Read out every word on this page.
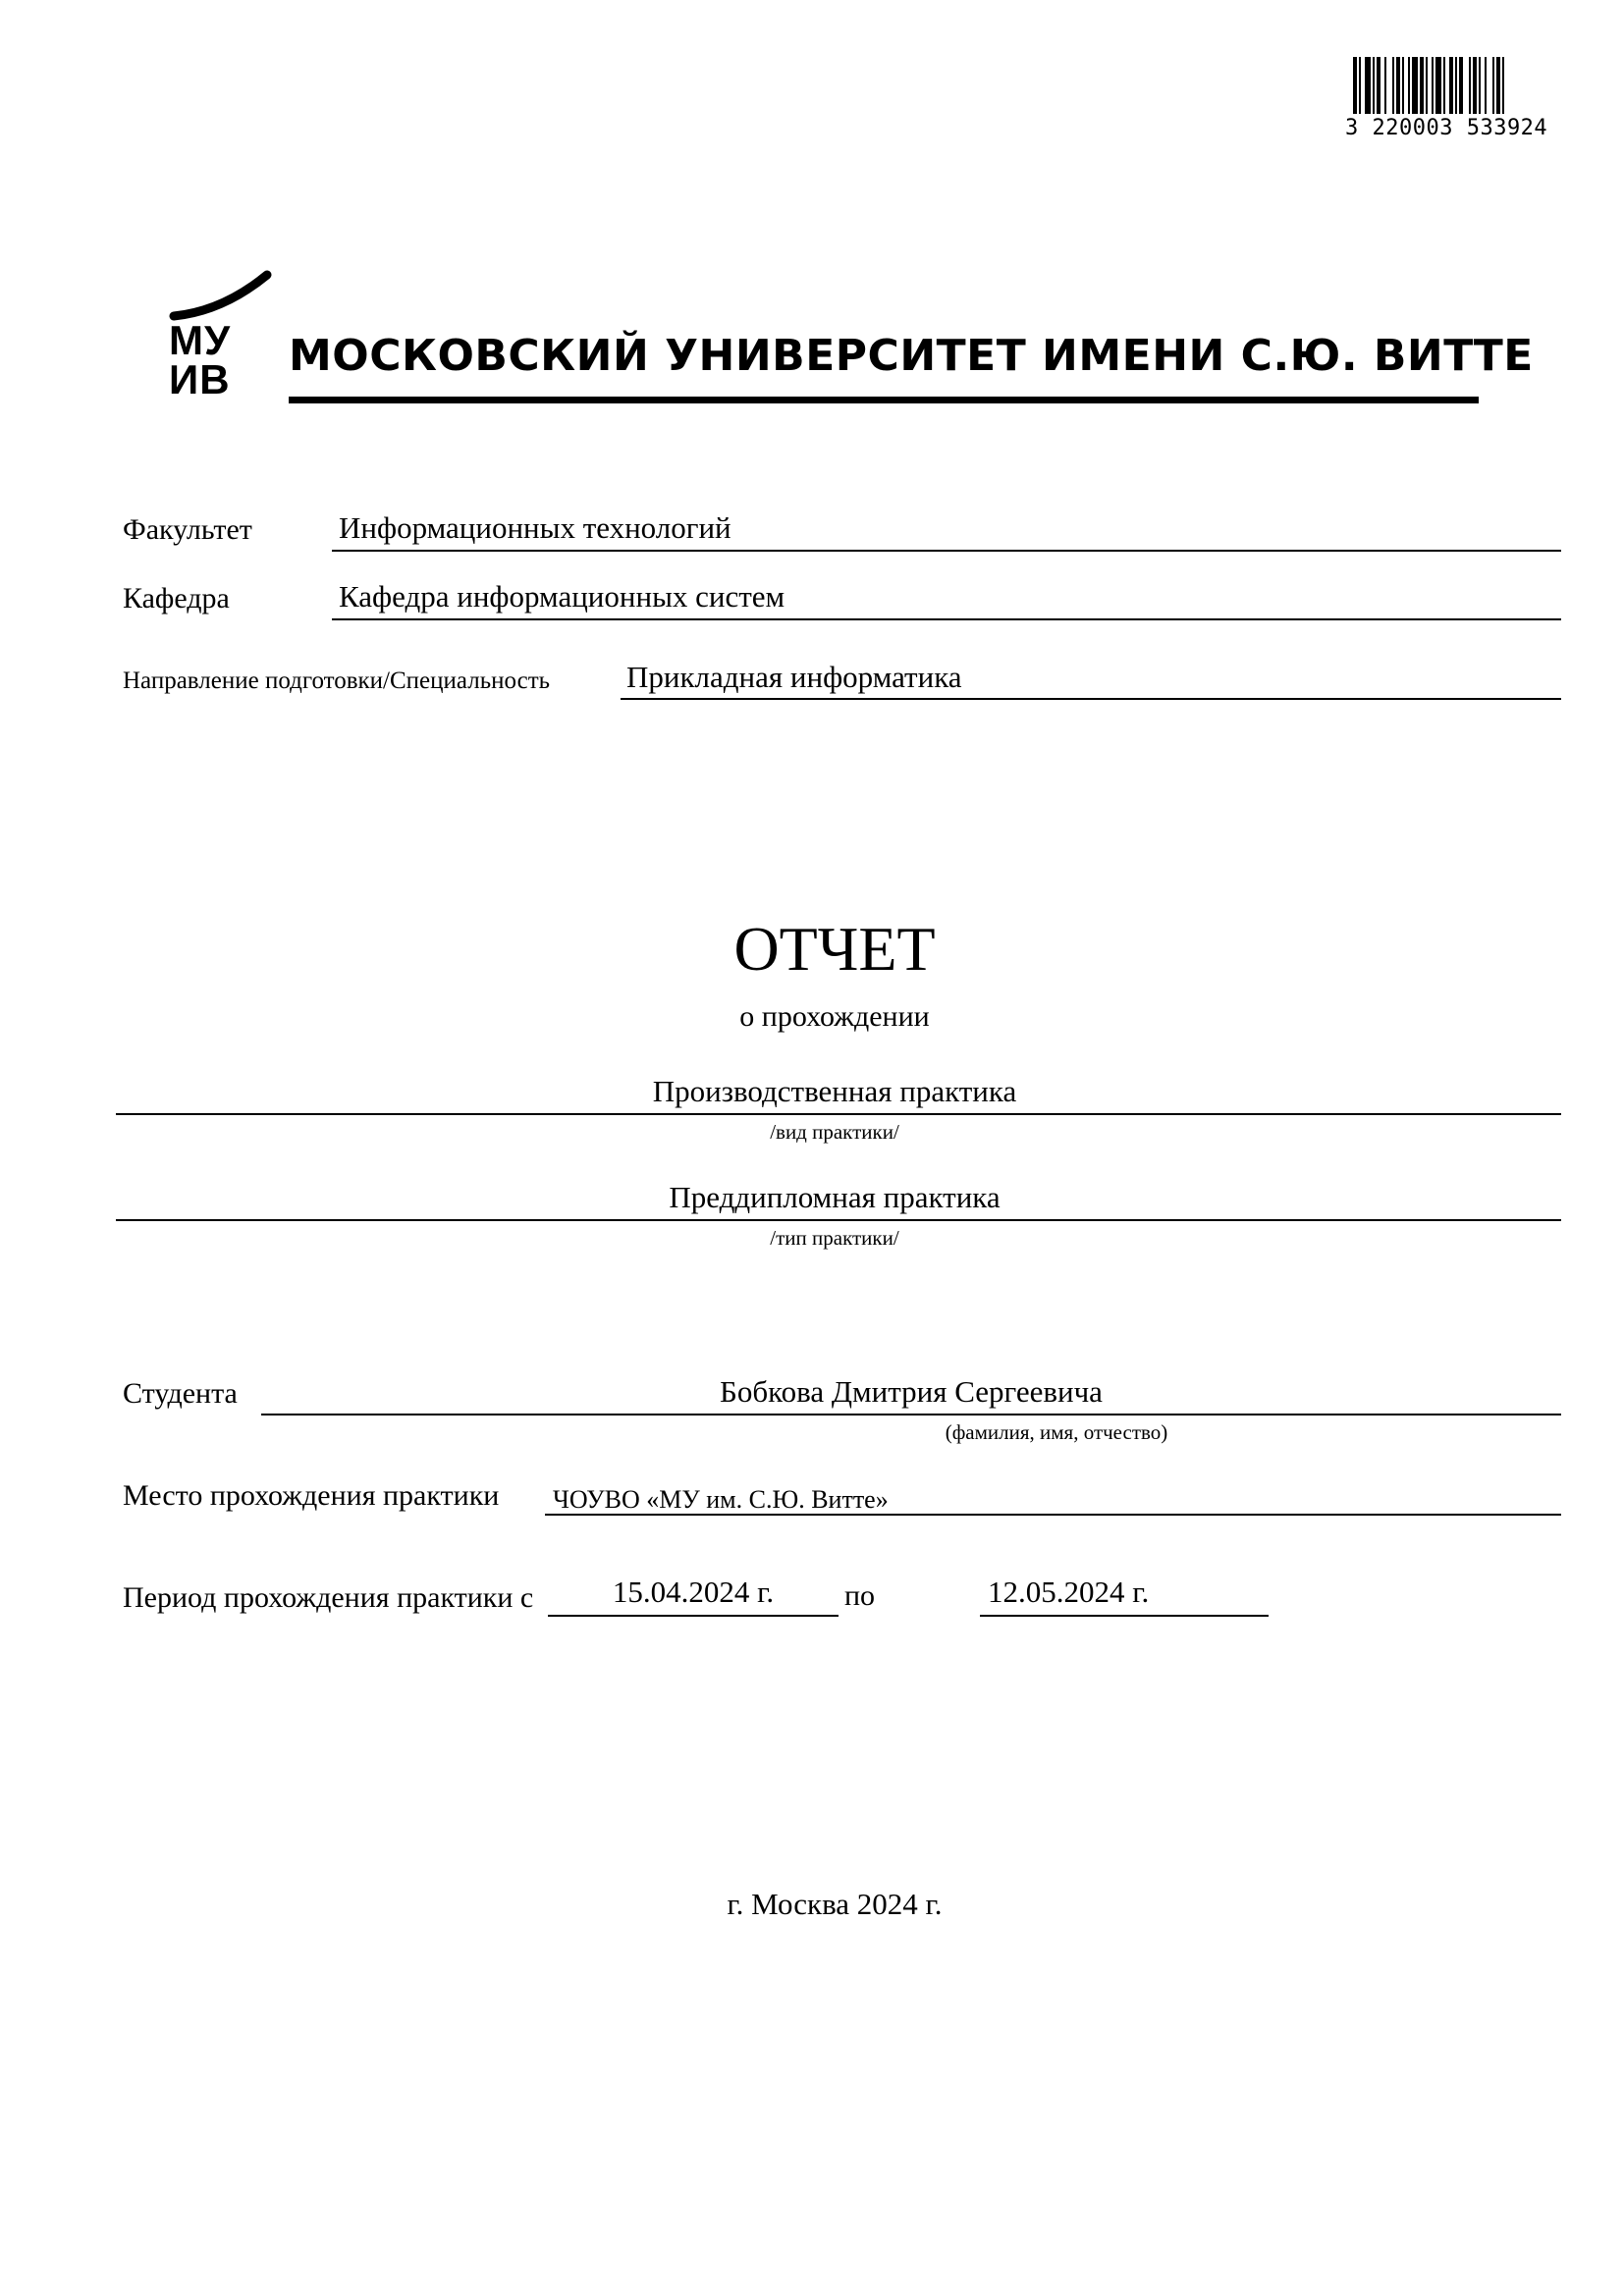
3 220003 533924
МУ
ИВ МОСКОВСКИЙ УНИВЕРСИТЕТ ИМЕНИ С.Ю. ВИТТЕ
Факультет	Информационных технологий
Кафедра	Кафедра информационных систем
Направление подготовки/Специальность	Прикладная информатика
ОТЧЕТ
о прохождении
Производственная практика
/вид практики/
Преддипломная практика
/тип практики/
Студента	Бобкова Дмитрия Сергеевича
(фамилия, имя, отчество)
Место прохождения практики ЧОУВО «МУ им. С.Ю. Витте»
Период прохождения практики с	15.04.2024 г.	по	12.05.2024 г.
г. Москва 2024 г.
